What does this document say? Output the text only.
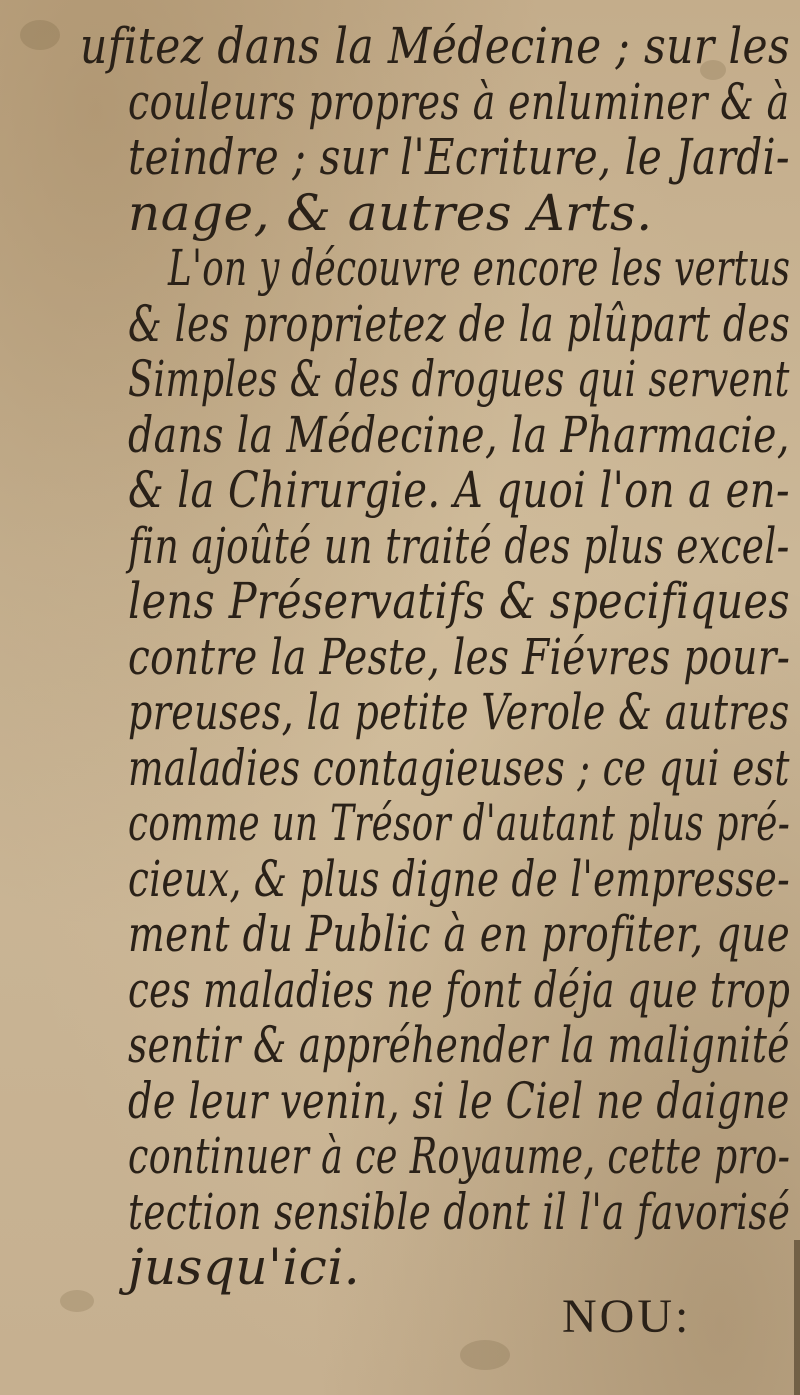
ufitez dans la Médecine ; sur les
couleurs propres à enluminer & à
teindre ; sur l'Ecriture, le Jardi-
nage, & autres Arts.
L'on y découvre encore les vertus
& les proprietez de la plûpart des
Simples & des drogues qui servent
dans la Médecine, la Pharmacie,
& la Chirurgie. A quoi l'on a en-
fin ajoûté un traité des plus excel-
lens Préservatifs & specifiques
contre la Peste, les Fiévres pour-
preuses, la petite Verole & autres
maladies contagieuses ; ce qui est
comme un Trésor d'autant plus pré-
cieux, & plus digne de l'empresse-
ment du Public à en profiter, que
ces maladies ne font déja que trop
sentir & appréhender la malignité
de leur venin, si le Ciel ne daigne
continuer à ce Royaume, cette pro-
tection sensible dont il l'a favorisé
jusqu'ici.
NOU:
